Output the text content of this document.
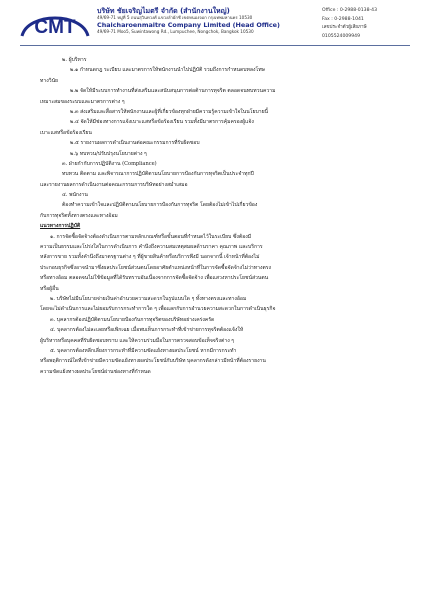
CMT
บริษัท ชัยเจริญไมตรี จำกัด (สำนักงานใหญ่)
49/69-71 หมู่ที่ 5 ถนนสุวินทวงศ์ แขวงลำผักชี เขตหนองจอก กรุงเทพมหานคร 10530
Chaicharoenmaitre Company Limited (Head Office)
49/69-71 Moo5, Suwintawong Rd., Lumpuchee, Nongchok, Bangkok 10530
Office : 0-2988-0138-43
Fax : 0-2988-1041
เลขประจำตัวผู้เสียภาษี
0105524009949
๒. ผู้บริหาร
๒.๑ กำหนดกฎ ระเบียบ และมาตรการให้พนักงานนำไปปฏิบัติ รวมถึงการกำหนดบทลงโทษ
ทางวินัย
๒.๒ จัดให้มีระบบการทำงานที่ส่งเสริมและสนับสนุนการต่อต้านการทุจริต ตลอดจนทบทวนความ
เหมาะสมของระบบและมาตรการต่าง ๆ
๒.๓ ส่งเสริมและสื่อสารให้พนักงานและผู้ที่เกี่ยวข้องทุกฝ่ายมีความรู้ความเข้าใจในนโยบายนี้
๒.๔ จัดให้มีช่องทางการแจ้งเบาะแสหรือข้อร้องเรียน รวมทั้งมีมาตรการคุ้มครองผู้แจ้ง
เบาะแสหรือข้อร้องเรียน
๒.๕ รายงานผลการดำเนินงานต่อคณะกรรมการที่รับผิดชอบ
๒.๖ ทบทวน/ปรับปรุงนโยบายต่าง ๆ
๓. ฝ่ายกำกับการปฏิบัติงาน (Compliance)
ทบทวน ติดตาม และพิจารณาการปฏิบัติตามนโยบายการป้องกันการทุจริตเป็นประจำทุกปี
และรายงานผลการดำเนินงานต่อคณะกรรมการบริษัทอย่างสม่ำเสมอ
๔. พนักงาน
ต้องทำความเข้าใจและปฏิบัติตามนโยบายการป้องกันการทุจริต โดยต้องไม่เข้าไปเกี่ยวข้อง
กับการทุจริตทั้งทางตรงและทางอ้อม
แนวทางการปฏิบัติ
๑. การจัดซื้อจัดจ้างต้องดำเนินการตามหลักเกณฑ์หรือขั้นตอนที่กำหนดไว้ในระเบียบ ซึ่งต้องมี
ความเป็นธรรมและโปร่งใสในการดำเนินการ คำนึงถึงความสมเหตุสมผลด้านราคา คุณภาพ และบริการ
หลังการขาย รวมทั้งคำนึงถึงมาตรฐานต่าง ๆ ที่ผู้ขายสินค้าหรือบริการพึงมี นอกจากนี้ เจ้าหน้าที่ต้องไม่
ประกอบธุรกิจซึ่งอาจนำมาซึ่งผลประโยชน์ส่วนตนโดยอาศัยตำแหน่งหน้าที่ในการจัดซื้อจัดจ้างไม่ว่าทางตรง
หรือทางอ้อม ตลอดจนไม่ใช้ข้อมูลที่ได้รับทราบอันเนื่องจากการจัดซื้อจัดจ้าง เพื่อแสวงหาประโยชน์ส่วนตน
หรือผู้อื่น
๒. บริษัทไม่มีนโยบายจ่ายเงินค่าอำนวยความสะดวกในรูปแบบใด ๆ ทั้งทางตรงและทางอ้อม
โดยจะไม่ดำเนินการและไม่ยอมรับการกระทำการใด ๆ เพื่อแลกกับการอำนวยความสะดวกในการดำเนินธุรกิจ
๓. บุคลากรต้องปฏิบัติตามนโยบายป้องกันการทุจริตของบริษัทอย่างเคร่งครัด
๔. บุคลากรต้องไม่ละเลยหรือเพิกเฉย เมื่อพบเห็นการกระทำที่เข้าข่ายการทุจริตต้องแจ้งให้
ผู้บริหารหรือบุคคลที่รับผิดชอบทราบ และให้ความร่วมมือในการตรวจสอบข้อเท็จจริงต่าง ๆ
๕. บุคลากรต้องหลีกเลี่ยงการกระทำที่มีความขัดแย้งทางผลประโยชน์ หากมีการกระทำ
หรือพฤติการณ์ใดที่เข้าข่ายมีความขัดแย้งทางผลประโยชน์กับบริษัท บุคลากรดังกล่าวมีหน้าที่ต้องรายงาน
ความขัดแย้งทางผลประโยชน์ผ่านช่องทางที่กำหนด
